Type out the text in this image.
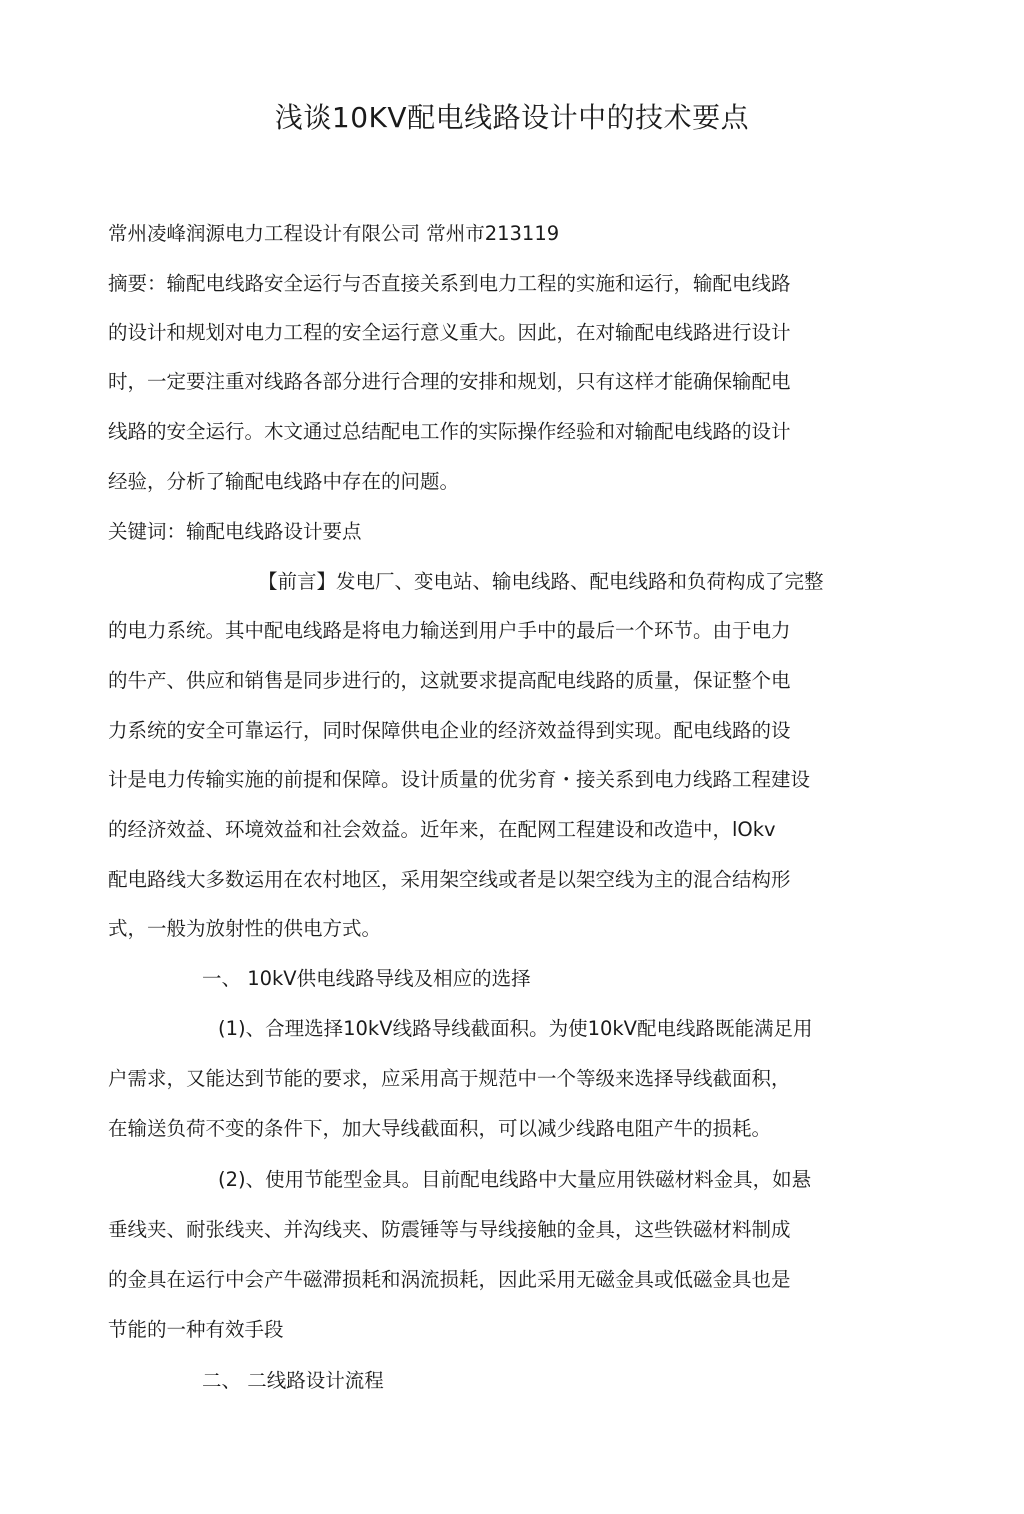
浅谈10KV配电线路设计中的技术要点
常州凌峰润源电力工程设计有限公司 常州市213119
摘要：输配电线路安全运行与否直接关系到电力工程的实施和运行，输配电线路
的设计和规划对电力工程的安全运行意义重大。因此，在对输配电线路进行设计
时，一定要注重对线路各部分进行合理的安排和规划，只有这样才能确保输配电
线路的安全运行。木文通过总结配电工作的实际操作经验和对输配电线路的设计
经验，分析了输配电线路中存在的问题。
关键词：输配电线路设计要点
【前言】发电厂、变电站、输电线路、配电线路和负荷构成了完整
的电力系统。其中配电线路是将电力输送到用户手中的最后一个环节。由于电力
的牛产、供应和销售是同步进行的，这就要求提高配电线路的质量，保证整个电
力系统的安全可靠运行，同时保障供电企业的经济效益得到实现。配电线路的设
计是电力传输实施的前提和保障。设计质量的优劣育・接关系到电力线路工程建设
的经济效益、环境效益和社会效益。近年来，在配网工程建设和改造中，lOkv
配电路线大多数运用在农村地区，采用架空线或者是以架空线为主的混合结构形
式，一般为放射性的供电方式。
一、 10kV供电线路导线及相应的选择
(1)、合理选择10kV线路导线截面积。为使10kV配电线路既能满足用
户需求，又能达到节能的要求，应采用高于规范中一个等级来选择导线截面积，
在输送负荷不变的条件下，加大导线截面积，可以减少线路电阻产牛的损耗。
(2)、使用节能型金具。目前配电线路中大量应用铁磁材料金具，如悬
垂线夹、耐张线夹、并沟线夹、防震锤等与导线接触的金具，这些铁磁材料制成
的金具在运行中会产牛磁滞损耗和涡流损耗，因此采用无磁金具或低磁金具也是
节能的一种有效手段
二、 二线路设计流程
